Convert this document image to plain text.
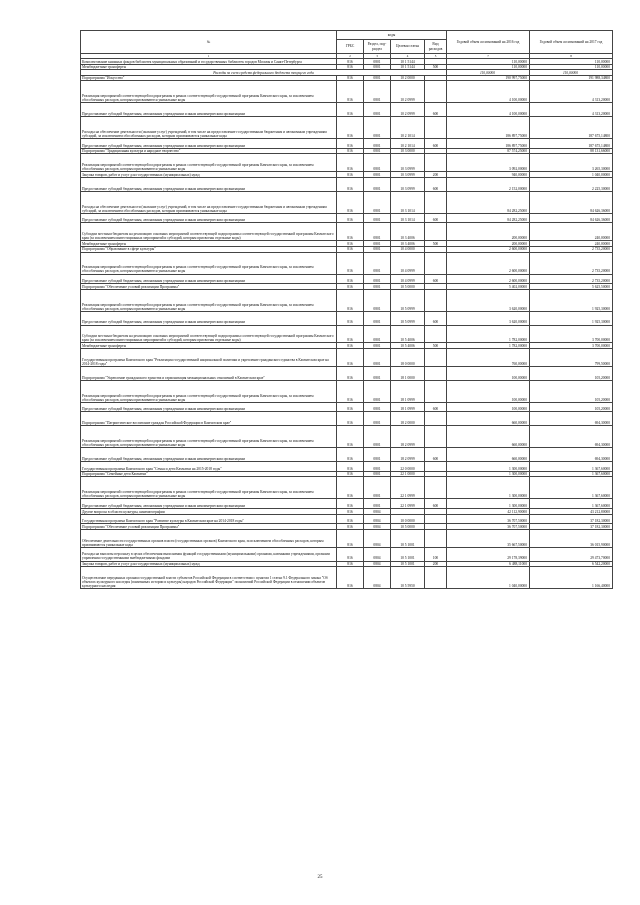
№	коды				Годовой объем ассигнований на 2016 год	Годовой объем ассигнований на 2017 год
	ГРБС	Раздел, под-раздел	Целевая статья	Вид расходов		
1	2	3	4	5	7	8
Комплектование книжных фондов библиотек муниципальных образований и государственных библиотек городов Москвы и Санкт-Петербурга	816	0801	10 1 5144		110,00000	110,00000
Межбюджетные трансферты	816	0801	10 1 5144	500	110,00000	110,00000
Расходы за счет средств федерального бюджета текущего года					110,00000	110,00000
Подпрограмма "Искусство"	816	0801	10 2 0000		190 997,75000	191 988,34800
Реализация мероприятий соответствующей подпрограммы в рамках соответствующей государственной программы Камчатского края, за исключением обособленных расходов, которым присваиваются уникальные коды	816	0801	10 2 0999		4 100,00000	4 313,20000
Предоставление субсидий бюджетным, автономным учреждениям и иным некоммерческим организациям	816	0801	10 2 0999	600	4 100,00000	4 313,20000
Расходы на обеспечение деятельности (оказание услуг) учреждений, в том числе на предоставление государственным бюджетным и автономным учреждениям субсидий, за исключением обособленных расходов, которым присваиваются уникальные коды	816	0801	10 2 1014		186 897,75000	187 675,14800
Предоставление субсидий бюджетным, автономным учреждениям и иным некоммерческим организациям	816	0801	10 2 1014	600	186 897,75000	187 675,14800
Подпрограмма "Традиционная культура и народное творчество"	816	0801	10 3 0000		87 574,25000	88 131,66000
Реализация мероприятий соответствующей подпрограммы в рамках соответствующей государственной программы Камчатского края, за исключением обособленных расходов, которым присваиваются уникальные коды	816	0801	10 3 0999		3 092,00000	3 265,30000
Закупка товаров, работ и услуг для государственных (муниципальных) нужд	816	0801	10 3 0999	200	940,00000	1 040,00000
Предоставление субсидий бюджетным, автономным учреждениям и иным некоммерческим организациям	816	0801	10 3 0999	600	2 152,00000	2 225,30000
Расходы на обеспечение деятельности (оказание услуг) учреждений, в том числе на предоставление государственным бюджетным и автономным учреждениям субсидий, за исключением обособленных расходов, которым присваиваются уникальные коды	816	0801	10 3 1014		84 282,25000	84 626,36000
Предоставление субсидий бюджетным, автономным учреждениям и иным некоммерческим организациям	816	0801	10 3 1014	600	84 282,25000	84 626,36000
Субсидии местным бюджетам на реализацию основных мероприятий соответствующей подпрограммы соответствующей государственной программы Камчатского края (за исключением инвестиционных мероприятий и субсидий, которым присвоены отдельные коды)	816	0801	10 3 4006		200,00000	240,00000
Межбюджетные трансферты	816	0801	10 3 4006	500	200,00000	240,00000
Подпрограмма "Образование в сфере культуры"	816	0801	10 4 0000		2 600,00000	2 735,20000
Реализация мероприятий соответствующей подпрограммы в рамках соответствующей государственной программы Камчатского края, за исключением обособленных расходов, которым присваиваются уникальные коды	816	0801	10 4 0999		2 600,00000	2 735,20000
Предоставление субсидий бюджетным, автономным учреждениям и иным некоммерческим организациям	816	0801	10 4 0999	600	2 600,00000	2 735,20000
Подпрограмма "Обеспечение условий реализации Программы"	816	0801	10 5 0000		5 402,00000	5 625,50000
Реализация мероприятий соответствующей подпрограммы в рамках соответствующей государственной программы Камчатского края, за исключением обособленных расходов, которым присваиваются уникальные коды	816	0801	10 5 0999		3 620,00000	1 925,30000
Предоставление субсидий бюджетным, автономным учреждениям и иным некоммерческим организациям	816	0801	10 5 0999	600	3 620,00000	1 925,30000
Субсидии местным бюджетам на реализацию основных мероприятий соответствующей подпрограммы соответствующей государственной программы Камчатского края (за исключением инвестиционных мероприятий и субсидий, которым присвоены отдельные коды)	816	0801	10 5 4006		1 782,00000	3 700,00000
Межбюджетные трансферты	816	0801	10 5 4006	500	1 782,00000	3 700,00000
Государственная программа Камчатского края "Реализация государственной национальной политики и укрепление гражданского единства в Камчатском крае на 2014-2018 годы"	816	0801	18 0 0000		760,00000	799,50000
Подпрограмма "Укрепление гражданского единства и гармонизация межнациональных отношений в Камчатском крае"	816	0801	18 1 0000		100,00000	105,20000
Реализация мероприятий соответствующей подпрограммы в рамках соответствующей государственной программы Камчатского края, за исключением обособленных расходов, которым присваиваются уникальные коды	816	0801	18 1 0999		100,00000	105,20000
Предоставление субсидий бюджетным, автономным учреждениям и иным некоммерческим организациям	816	0801	18 1 0999	600	100,00000	105,20000
Подпрограмма "Патриотическое воспитание граждан Российской Федерации в Камчатском крае"	816	0801	18 2 0000		660,00000	694,30000
Реализация мероприятий соответствующей подпрограммы в рамках соответствующей государственной программы Камчатского края, за исключением обособленных расходов, которым присваиваются уникальные коды	816	0801	18 2 0999		660,00000	694,30000
Предоставление субсидий бюджетным, автономным учреждениям и иным некоммерческим организациям	816	0801	18 2 0999	600	660,00000	694,30000
Государственная программа Камчатского края "Семья и дети Камчатки на 2015-2018 годы"	816	0801	22 0 0000		1 300,00000	1 367,60000
Подпрограмма "Семейные дети Камчатки"	816	0801	22 1 0000		1 300,00000	1 367,60000
Реализация мероприятий соответствующей подпрограммы в рамках соответствующей государственной программы Камчатского края, за исключением обособленных расходов, которым присваиваются уникальные коды	816	0801	22 1 0999		1 300,00000	1 367,60000
Предоставление субсидий бюджетным, автономным учреждениям и иным некоммерческим организациям	816	0801	22 1 0999	600	1 300,00000	1 367,60000
Другие вопросы в области культуры, кинематографии	816	0804			42 112,90000	43 212,80000
Государственная программа Камчатского края "Развитие культуры в Камчатском крае на 2014-2018 годы"	816	0804	10 0 0000		36 707,50000	37 182,30000
Подпрограмма "Обеспечение условий реализации Программы"	816	0804	10 5 0000		36 707,50000	37 182,30000
Обеспечение деятельности государственных органов власти (государственных органов) Камчатского края, за исключением обособленных расходов, которым присваиваются уникальные коды	816	0804	10 5 1001		35 667,50000	36 015,90000
Расходы на выплаты персоналу в целях обеспечения выполнения функций государственными (муниципальными) органами, казенными учреждениями, органами управления государственными внебюджетными фондами	816	0804	10 5 1001	100	29 178,39000	29 473,70000
Закупка товаров, работ и услуг для государственных (муниципальных) нужд	816	0804	10 5 1001	200	6 488,11000	6 542,20000
Осуществление переданных органам государственной власти субъектов Российской Федерации в соответствии с пунктом 1 статьи 9.1 Федерального закона "Об объектах культурного наследия (памятниках истории и культуры) народов Российской Федерации" полномочий Российской Федерации в отношении объектов культурного наследия	816	0804	10 5 5950		1 040,00000	1 166,40000
25
